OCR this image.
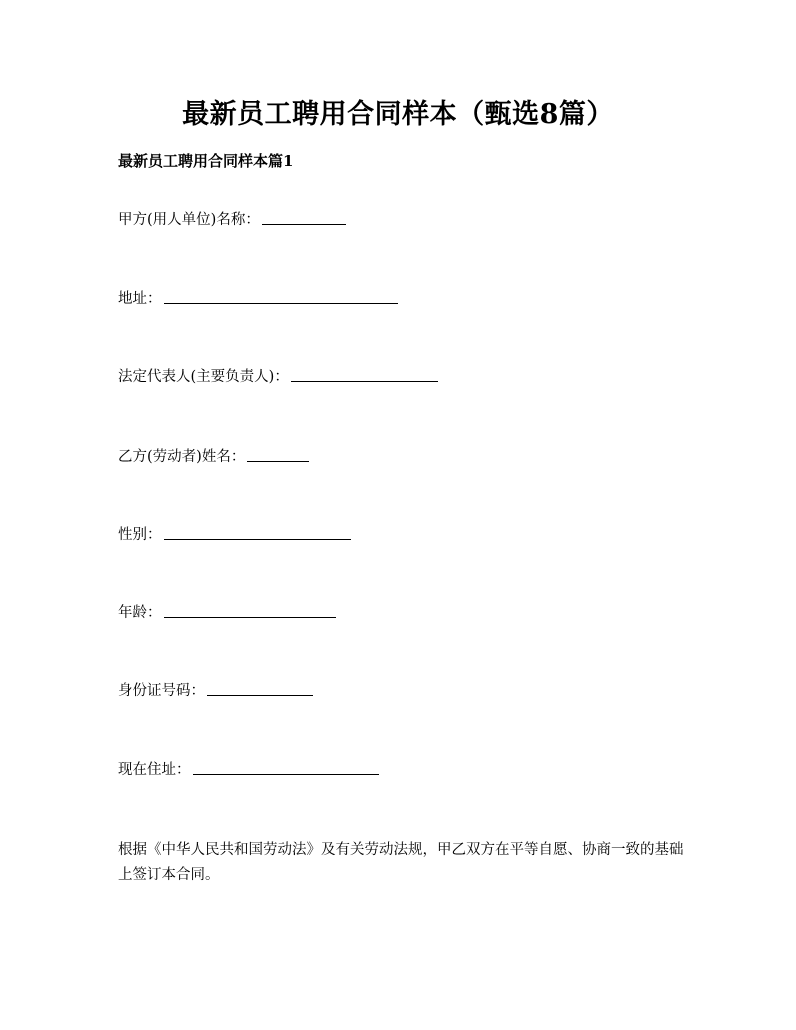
最新员工聘用合同样本（甄选8篇）
最新员工聘用合同样本篇1
甲方(用人单位)名称：
地址：
法定代表人(主要负责人)：
乙方(劳动者)姓名：
性别：
年龄：
身份证号码：
现在住址：

根据《中华人民共和国劳动法》及有关劳动法规，甲乙双方在平等自愿、协商一致的基础上签订本合同。
